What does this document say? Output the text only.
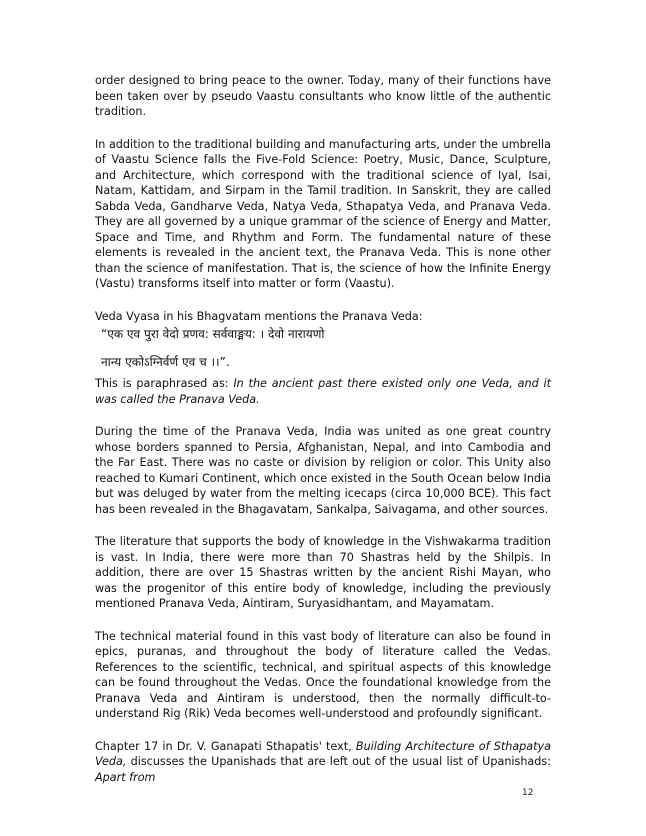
order designed to bring peace to the owner. Today, many of their functions have been taken over by pseudo Vaastu consultants who know little of the authentic tradition.

In addition to the traditional building and manufacturing arts, under the umbrella of Vaastu Science falls the Five-Fold Science: Poetry, Music, Dance, Sculpture, and Architecture, which correspond with the traditional science of Iyal, Isai, Natam, Kattidam, and Sirpam in the Tamil tradition. In Sanskrit, they are called Sabda Veda, Gandharve Veda, Natya Veda, Sthapatya Veda, and Pranava Veda. They are all governed by a unique grammar of the science of Energy and Matter, Space and Time, and Rhythm and Form. The fundamental nature of these elements is revealed in the ancient text, the Pranava Veda. This is none other than the science of manifestation. That is, the science of how the Infinite Energy (Vastu) transforms itself into matter or form (Vaastu).

Veda Vyasa in his Bhagvatam mentions the Pranava Veda:

“एक एव पुरा वेदो प्रणव: सर्ववाङ्मय: । देवो नारायणो
नान्य एकोऽग्निर्वर्ण एव च ।।”.

This is paraphrased as: In the ancient past there existed only one Veda, and it was called the Pranava Veda.

During the time of the Pranava Veda, India was united as one great country whose borders spanned to Persia, Afghanistan, Nepal, and into Cambodia and the Far East. There was no caste or division by religion or color. This Unity also reached to Kumari Continent, which once existed in the South Ocean below India but was deluged by water from the melting icecaps (circa 10,000 BCE). This fact has been revealed in the Bhagavatam, Sankalpa, Saivagama, and other sources.

The literature that supports the body of knowledge in the Vishwakarma tradition is vast. In India, there were more than 70 Shastras held by the Shilpis. In addition, there are over 15 Shastras written by the ancient Rishi Mayan, who was the progenitor of this entire body of knowledge, including the previously mentioned Pranava Veda, Aintiram, Suryasidhantam, and Mayamatam.

The technical material found in this vast body of literature can also be found in epics, puranas, and throughout the body of literature called the Vedas. References to the scientific, technical, and spiritual aspects of this knowledge can be found throughout the Vedas. Once the foundational knowledge from the Pranava Veda and Aintiram is understood, then the normally difficult-to-understand Rig (Rik) Veda becomes well-understood and profoundly significant.

Chapter 17 in Dr. V. Ganapati Sthapatis' text, Building Architecture of Sthapatya Veda, discusses the Upanishads that are left out of the usual list of Upanishads: Apart from

12
